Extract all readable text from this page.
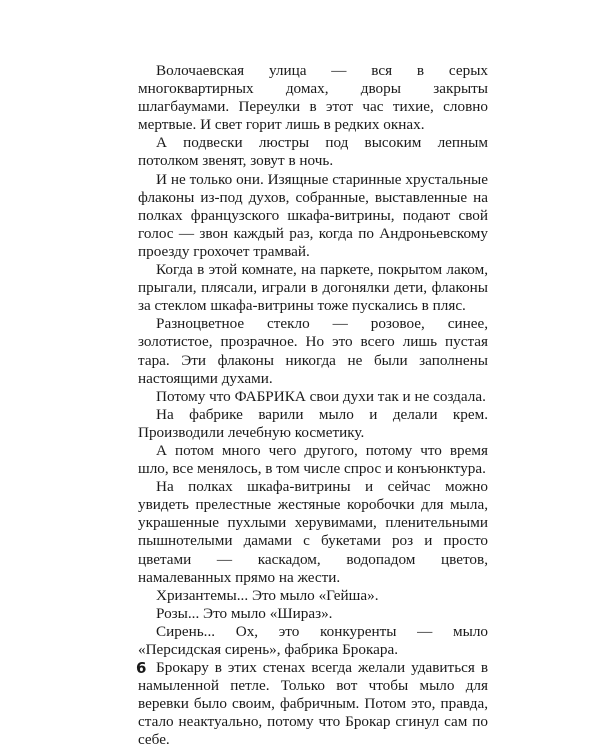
Волочаевская улица — вся в серых многоквартирных домах, дворы закрыты шлагбаумами. Переулки в этот час тихие, словно мертвые. И свет горит лишь в редких окнах.

А подвески люстры под высоким лепным потолком звенят, зовут в ночь.

И не только они. Изящные старинные хрустальные флаконы из-под духов, собранные, выставленные на полках французского шкафа-витрины, подают свой голос — звон каждый раз, когда по Андроньевскому проезду грохочет трамвай.

Когда в этой комнате, на паркете, покрытом лаком, прыгали, плясали, играли в догонялки дети, флаконы за стеклом шкафа-витрины тоже пускались в пляс.

Разноцветное стекло — розовое, синее, золотистое, прозрачное. Но это всего лишь пустая тара. Эти флаконы никогда не были заполнены настоящими духами.

Потому что ФАБРИКА свои духи так и не создала.

На фабрике варили мыло и делали крем. Производили лечебную косметику.

А потом много чего другого, потому что время шло, все менялось, в том числе спрос и конъюнктура.

На полках шкафа-витрины и сейчас можно увидеть прелестные жестяные коробочки для мыла, украшенные пухлыми херувимами, пленительными пышнотелыми дамами с букетами роз и просто цветами — каскадом, водопадом цветов, намалеванных прямо на жести.

Хризантемы... Это мыло «Гейша».

Розы... Это мыло «Шираз».

Сирень... Ох, это конкуренты — мыло «Персидская сирень», фабрика Брокара.

Брокару в этих стенах всегда желали удавиться в намыленной петле. Только вот чтобы мыло для веревки было своим, фабричным. Потом это, правда, стало неактуально, потому что Брокар сгинул сам по себе.

6
